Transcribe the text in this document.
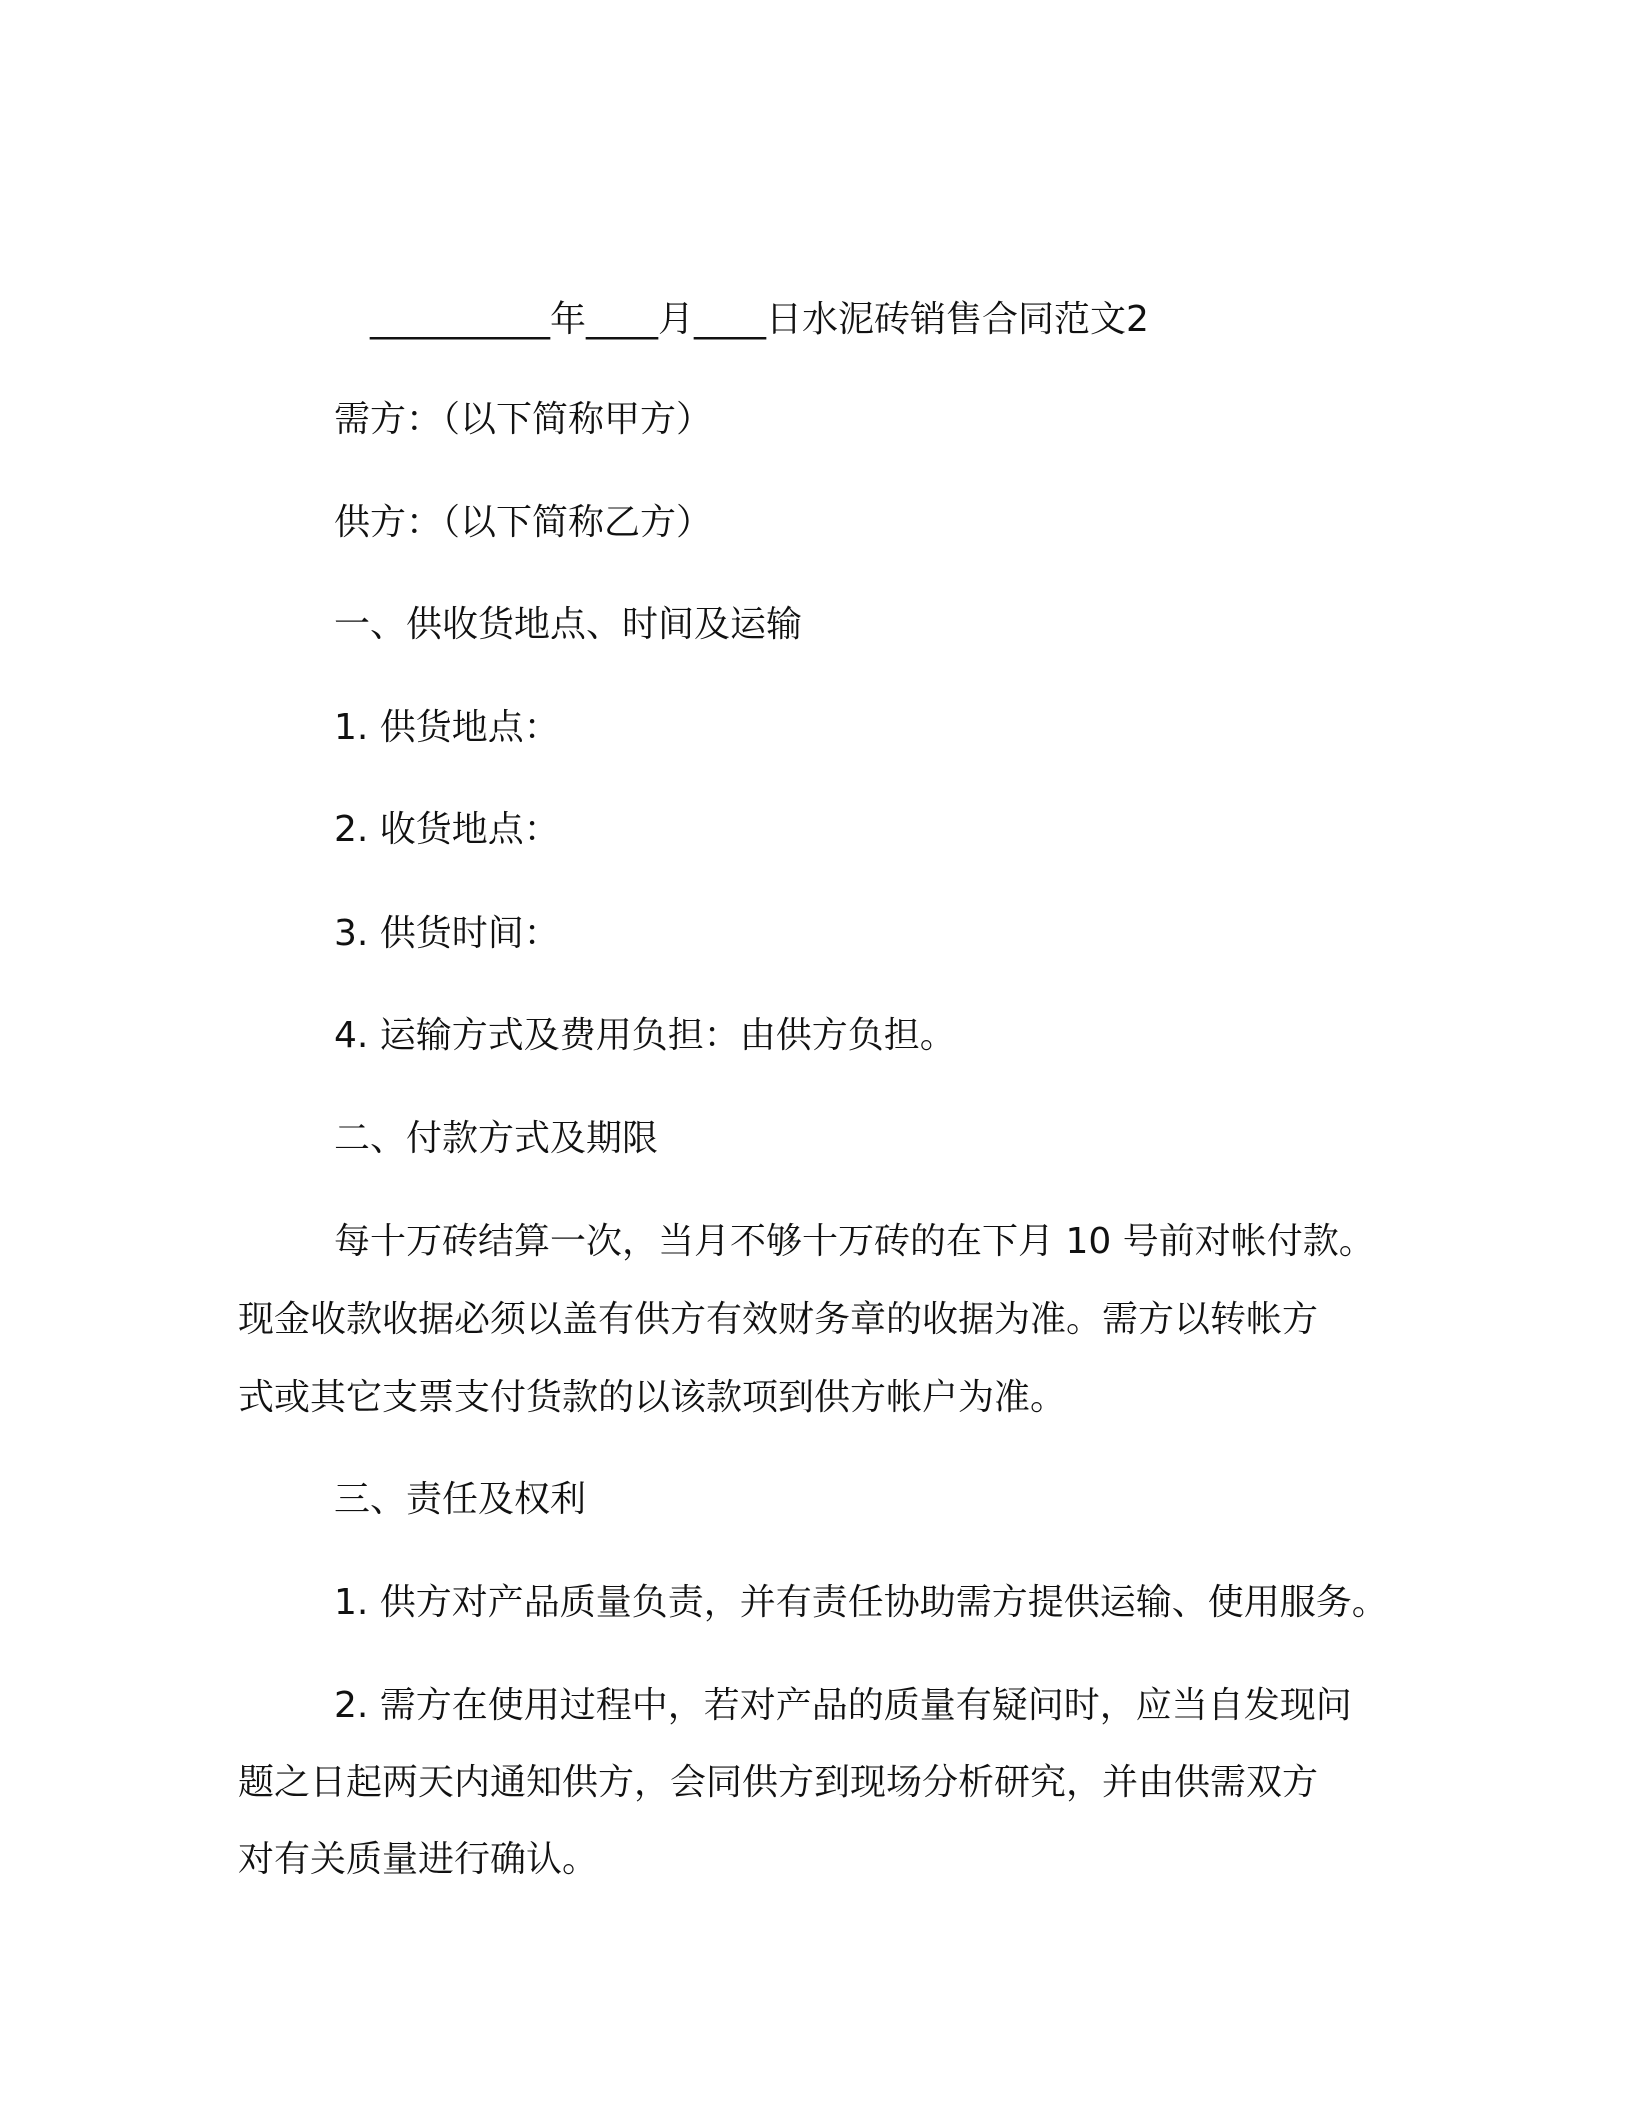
__________年____月____日水泥砖销售合同范文2
需方：（以下简称甲方）
供方：（以下简称乙方）
一、供收货地点、时间及运输
1. 供货地点：
2. 收货地点：
3. 供货时间：
4. 运输方式及费用负担：由供方负担。
二、付款方式及期限
每十万砖结算一次，当月不够十万砖的在下月 10 号前对帐付款。
现金收款收据必须以盖有供方有效财务章的收据为准。需方以转帐方
式或其它支票支付货款的以该款项到供方帐户为准。
三、责任及权利
1. 供方对产品质量负责，并有责任协助需方提供运输、使用服务。
2. 需方在使用过程中，若对产品的质量有疑问时，应当自发现问
题之日起两天内通知供方，会同供方到现场分析研究，并由供需双方
对有关质量进行确认。
